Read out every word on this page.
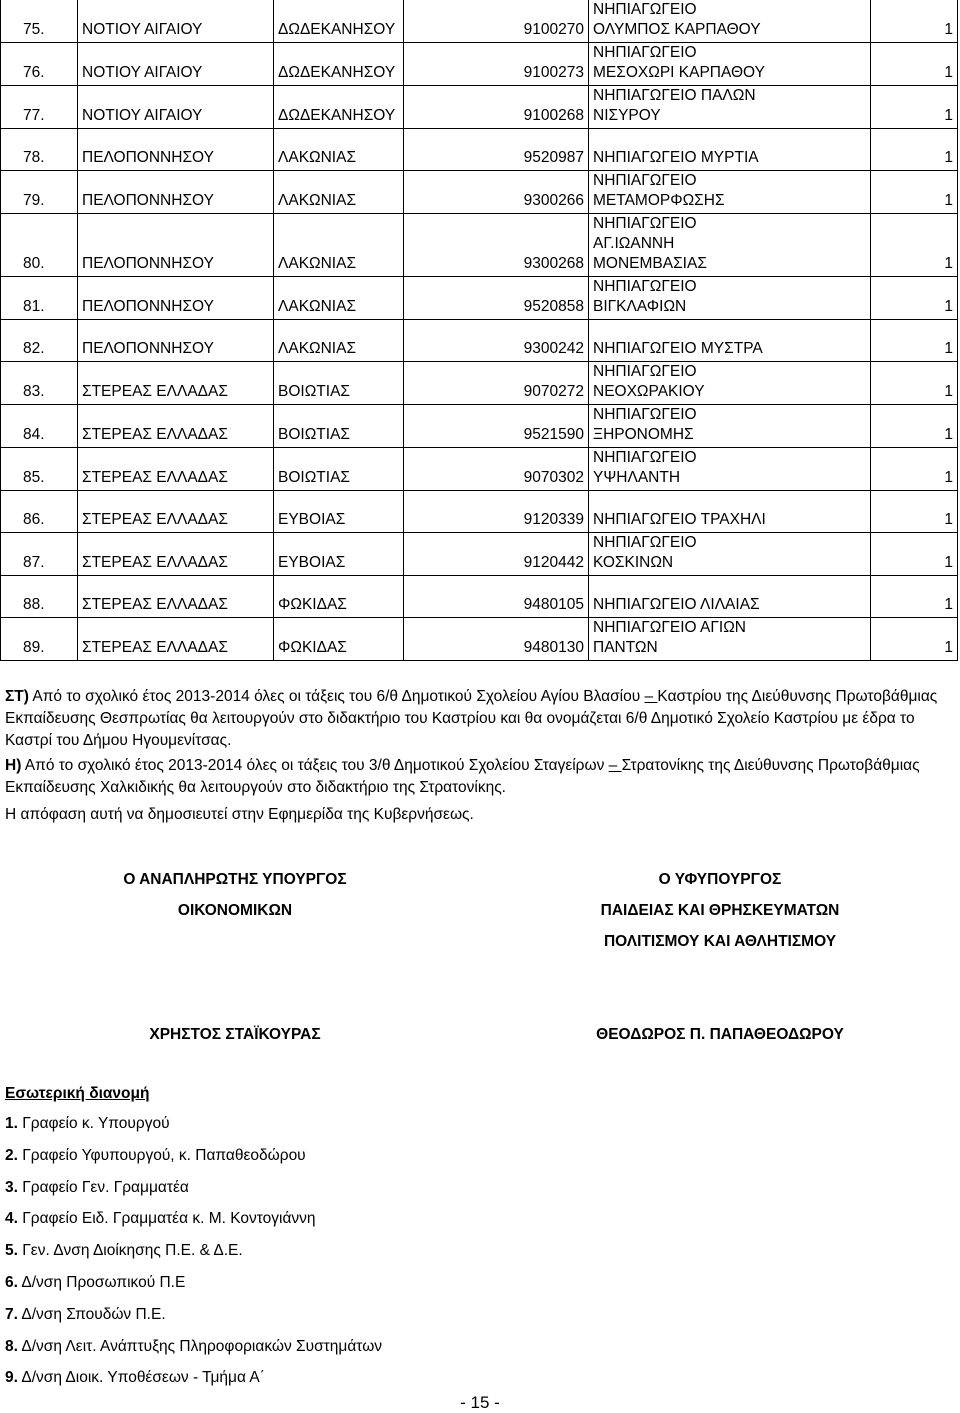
75.	ΝΟΤΙΟΥ ΑΙΓΑΙΟΥ	ΔΩΔΕΚΑΝΗΣΟΥ	9100270	ΝΗΠΙΑΓΩΓΕΙΟ
ΟΛΥΜΠΟΣ ΚΑΡΠΑΘΟΥ	1
76.	ΝΟΤΙΟΥ ΑΙΓΑΙΟΥ	ΔΩΔΕΚΑΝΗΣΟΥ	9100273	ΝΗΠΙΑΓΩΓΕΙΟ
ΜΕΣΟΧΩΡΙ ΚΑΡΠΑΘΟΥ	1
77.	ΝΟΤΙΟΥ ΑΙΓΑΙΟΥ	ΔΩΔΕΚΑΝΗΣΟΥ	9100268	ΝΗΠΙΑΓΩΓΕΙΟ ΠΑΛΩΝ
ΝΙΣΥΡΟΥ	1
78.	ΠΕΛΟΠΟΝΝΗΣΟΥ	ΛΑΚΩΝΙΑΣ	9520987	ΝΗΠΙΑΓΩΓΕΙΟ ΜΥΡΤΙΑ	1
79.	ΠΕΛΟΠΟΝΝΗΣΟΥ	ΛΑΚΩΝΙΑΣ	9300266	ΝΗΠΙΑΓΩΓΕΙΟ
ΜΕΤΑΜΟΡΦΩΣΗΣ	1
80.	ΠΕΛΟΠΟΝΝΗΣΟΥ	ΛΑΚΩΝΙΑΣ	9300268	ΝΗΠΙΑΓΩΓΕΙΟ
ΑΓ.ΙΩΑΝΝΗ
ΜΟΝΕΜΒΑΣΙΑΣ	1
81.	ΠΕΛΟΠΟΝΝΗΣΟΥ	ΛΑΚΩΝΙΑΣ	9520858	ΝΗΠΙΑΓΩΓΕΙΟ
ΒΙΓΚΛΑΦΙΩΝ	1
82.	ΠΕΛΟΠΟΝΝΗΣΟΥ	ΛΑΚΩΝΙΑΣ	9300242	ΝΗΠΙΑΓΩΓΕΙΟ ΜΥΣΤΡΑ	1
83.	ΣΤΕΡΕΑΣ ΕΛΛΑΔΑΣ	ΒΟΙΩΤΙΑΣ	9070272	ΝΗΠΙΑΓΩΓΕΙΟ
ΝΕΟΧΩΡΑΚΙΟΥ	1
84.	ΣΤΕΡΕΑΣ ΕΛΛΑΔΑΣ	ΒΟΙΩΤΙΑΣ	9521590	ΝΗΠΙΑΓΩΓΕΙΟ
ΞΗΡΟΝΟΜΗΣ	1
85.	ΣΤΕΡΕΑΣ ΕΛΛΑΔΑΣ	ΒΟΙΩΤΙΑΣ	9070302	ΝΗΠΙΑΓΩΓΕΙΟ
ΥΨΗΛΑΝΤΗ	1
86.	ΣΤΕΡΕΑΣ ΕΛΛΑΔΑΣ	ΕΥΒΟΙΑΣ	9120339	ΝΗΠΙΑΓΩΓΕΙΟ ΤΡΑΧΗΛΙ	1
87.	ΣΤΕΡΕΑΣ ΕΛΛΑΔΑΣ	ΕΥΒΟΙΑΣ	9120442	ΝΗΠΙΑΓΩΓΕΙΟ
ΚΟΣΚΙΝΩΝ	1
88.	ΣΤΕΡΕΑΣ ΕΛΛΑΔΑΣ	ΦΩΚΙΔΑΣ	9480105	ΝΗΠΙΑΓΩΓΕΙΟ ΛΙΛΑΙΑΣ	1
89.	ΣΤΕΡΕΑΣ ΕΛΛΑΔΑΣ	ΦΩΚΙΔΑΣ	9480130	ΝΗΠΙΑΓΩΓΕΙΟ ΑΓΙΩΝ
ΠΑΝΤΩΝ	1
ΣΤ) Από το σχολικό έτος 2013-2014 όλες οι τάξεις του 6/θ Δημοτικού Σχολείου Αγίου Βλασίου – Καστρίου της Διεύθυνσης Πρωτοβάθμιας Εκπαίδευσης Θεσπρωτίας θα λειτουργούν στο διδακτήριο του Καστρίου και θα ονομάζεται 6/θ Δημοτικό Σχολείο Καστρίου με έδρα το Καστρί του Δήμου Ηγουμενίτσας.
Η) Από το σχολικό έτος 2013-2014 όλες οι τάξεις του 3/θ Δημοτικού Σχολείου Σταγείρων – Στρατονίκης της Διεύθυνσης Πρωτοβάθμιας Εκπαίδευσης Χαλκιδικής θα λειτουργούν στο διδακτήριο της Στρατονίκης.
Η απόφαση αυτή να δημοσιευτεί στην Εφημερίδα της Κυβερνήσεως.
Ο ΑΝΑΠΛΗΡΩΤΗΣ ΥΠΟΥΡΓΟΣ
ΟΙΚΟΝΟΜΙΚΩΝ
Ο ΥΦΥΠΟΥΡΓΟΣ
ΠΑΙΔΕΙΑΣ ΚΑΙ ΘΡΗΣΚΕΥΜΑΤΩΝ
ΠΟΛΙΤΙΣΜΟΥ ΚΑΙ ΑΘΛΗΤΙΣΜΟΥ
ΧΡΗΣΤΟΣ ΣΤΑΪΚΟΥΡΑΣ	ΘΕΟΔΩΡΟΣ Π. ΠΑΠΑΘΕΟΔΩΡΟΥ
Εσωτερική διανομή
1. Γραφείο κ. Υπουργού
2. Γραφείο Υφυπουργού, κ. Παπαθεοδώρου
3. Γραφείο Γεν. Γραμματέα
4. Γραφείο Ειδ. Γραμματέα κ. Μ. Κοντογιάννη
5. Γεν. Δνση Διοίκησης Π.Ε. & Δ.Ε.
6. Δ/νση Προσωπικού Π.Ε
7. Δ/νση Σπουδών Π.Ε.
8. Δ/νση Λειτ. Ανάπτυξης Πληροφοριακών Συστημάτων
9. Δ/νση Διοικ. Υποθέσεων - Τμήμα Α΄
- 15 -
